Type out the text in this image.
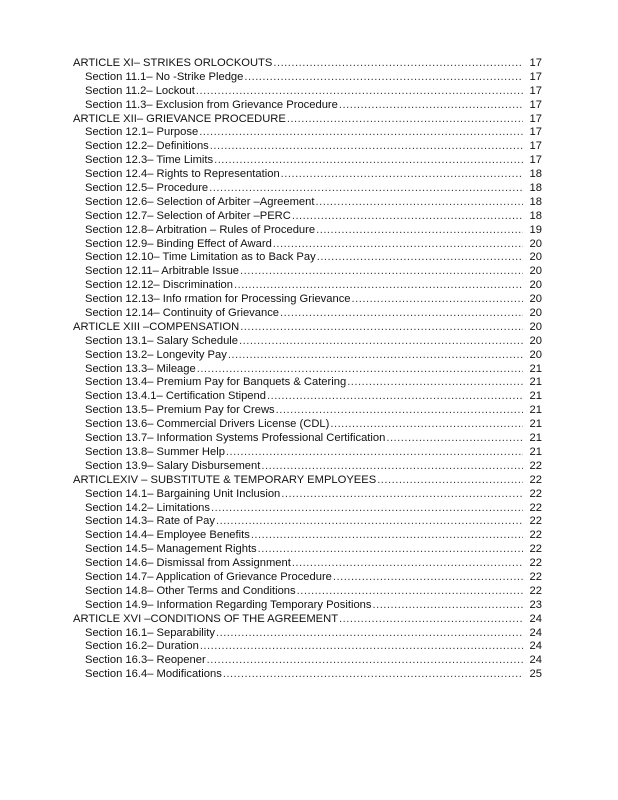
ARTICLE XI– STRIKES ORLOCKOUTS .....	17
Section 11.1– No -Strike Pledge .....	17
Section 11.2– Lockout .....	17
Section 11.3– Exclusion from Grievance Procedure .....	17
ARTICLE XII– GRIEVANCE PROCEDURE .....	17
Section 12.1– Purpose .....	17
Section 12.2– Definitions .....	17
Section 12.3– Time Limits .....	17
Section 12.4– Rights to Representation .....	18
Section 12.5– Procedure .....	18
Section 12.6– Selection of Arbiter –Agreement .....	18
Section 12.7– Selection of Arbiter –PERC .....	18
Section 12.8– Arbitration – Rules of Procedure .....	19
Section 12.9– Binding Effect of Award .....	20
Section 12.10– Time Limitation as to Back Pay .....	20
Section 12.11– Arbitrable Issue .....	20
Section 12.12– Discrimination .....	20
Section 12.13– Info rmation for Processing Grievance .....	20
Section 12.14– Continuity of Grievance .....	20
ARTICLE XIII –COMPENSATION .....	20
Section 13.1– Salary Schedule .....	20
Section 13.2– Longevity Pay .....	20
Section 13.3– Mileage .....	21
Section 13.4– Premium Pay for Banquets & Catering .....	21
Section 13.4.1– Certification Stipend .....	21
Section 13.5– Premium Pay for Crews .....	21
Section 13.6– Commercial Drivers License (CDL) .....	21
Section 13.7– Information Systems Professional Certification .....	21
Section 13.8– Summer Help .....	21
Section 13.9– Salary Disbursement .....	22
ARTICLEXIV – SUBSTITUTE & TEMPORARY EMPLOYEES .....	22
Section 14.1– Bargaining Unit Inclusion .....	22
Section 14.2– Limitations .....	22
Section 14.3– Rate of Pay .....	22
Section 14.4– Employee Benefits .....	22
Section 14.5– Management Rights .....	22
Section 14.6– Dismissal from Assignment .....	22
Section 14.7– Application of Grievance Procedure .....	22
Section 14.8– Other Terms and Conditions .....	22
Section 14.9– Information Regarding Temporary Positions .....	23
ARTICLE XVI –CONDITIONS OF THE AGREEMENT .....	24
Section 16.1– Separability .....	24
Section 16.2– Duration .....	24
Section 16.3– Reopener .....	24
Section 16.4– Modifications .....	25
